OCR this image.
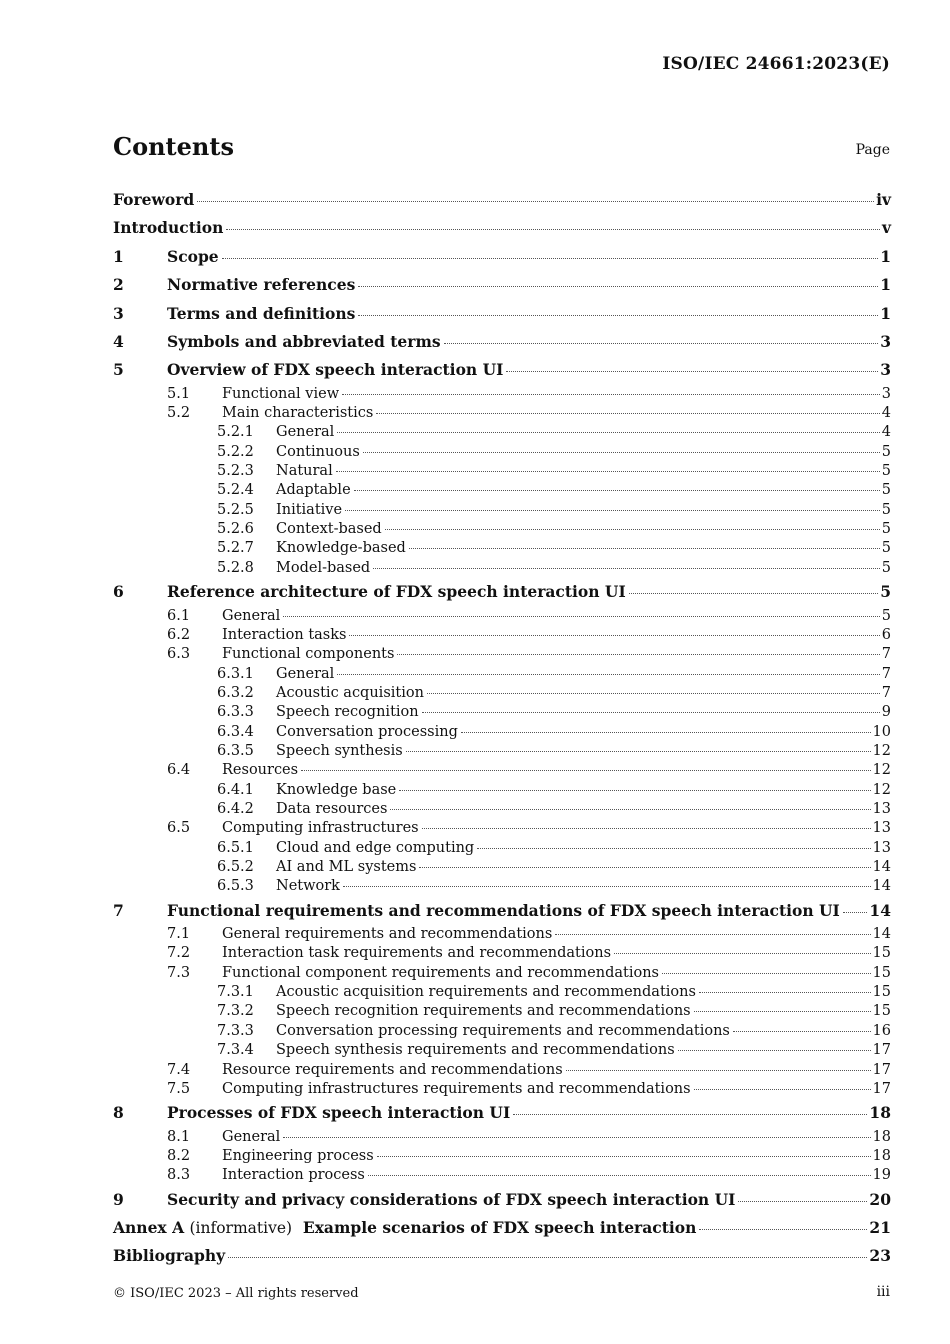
ISO/IEC 24661:2023(E)
Contents	Page
Foreword	iv
Introduction	v
1	Scope	1
2	Normative references	1
3	Terms and definitions	1
4	Symbols and abbreviated terms	3
5	Overview of FDX speech interaction UI	3
5.1	Functional view	3
5.2	Main characteristics	4
5.2.1	General	4
5.2.2	Continuous	5
5.2.3	Natural	5
5.2.4	Adaptable	5
5.2.5	Initiative	5
5.2.6	Context-based	5
5.2.7	Knowledge-based	5
5.2.8	Model-based	5
6	Reference architecture of FDX speech interaction UI	5
6.1	General	5
6.2	Interaction tasks	6
6.3	Functional components	7
6.3.1	General	7
6.3.2	Acoustic acquisition	7
6.3.3	Speech recognition	9
6.3.4	Conversation processing	10
6.3.5	Speech synthesis	12
6.4	Resources	12
6.4.1	Knowledge base	12
6.4.2	Data resources	13
6.5	Computing infrastructures	13
6.5.1	Cloud and edge computing	13
6.5.2	AI and ML systems	14
6.5.3	Network	14
7	Functional requirements and recommendations of FDX speech interaction UI 14
7.1	General requirements and recommendations	14
7.2	Interaction task requirements and recommendations	15
7.3	Functional component requirements and recommendations	15
7.3.1	Acoustic acquisition requirements and recommendations	15
7.3.2	Speech recognition requirements and recommendations	15
7.3.3	Conversation processing requirements and recommendations	16
7.3.4	Speech synthesis requirements and recommendations	17
7.4	Resource requirements and recommendations	17
7.5	Computing infrastructures requirements and recommendations	17
8	Processes of FDX speech interaction UI	18
8.1	General	18
8.2	Engineering process	18
8.3	Interaction process	19
9	Security and privacy considerations of FDX speech interaction UI	20
Annex A (informative) Example scenarios of FDX speech interaction	21
Bibliography	23
© ISO/IEC 2023 – All rights reserved	iii
